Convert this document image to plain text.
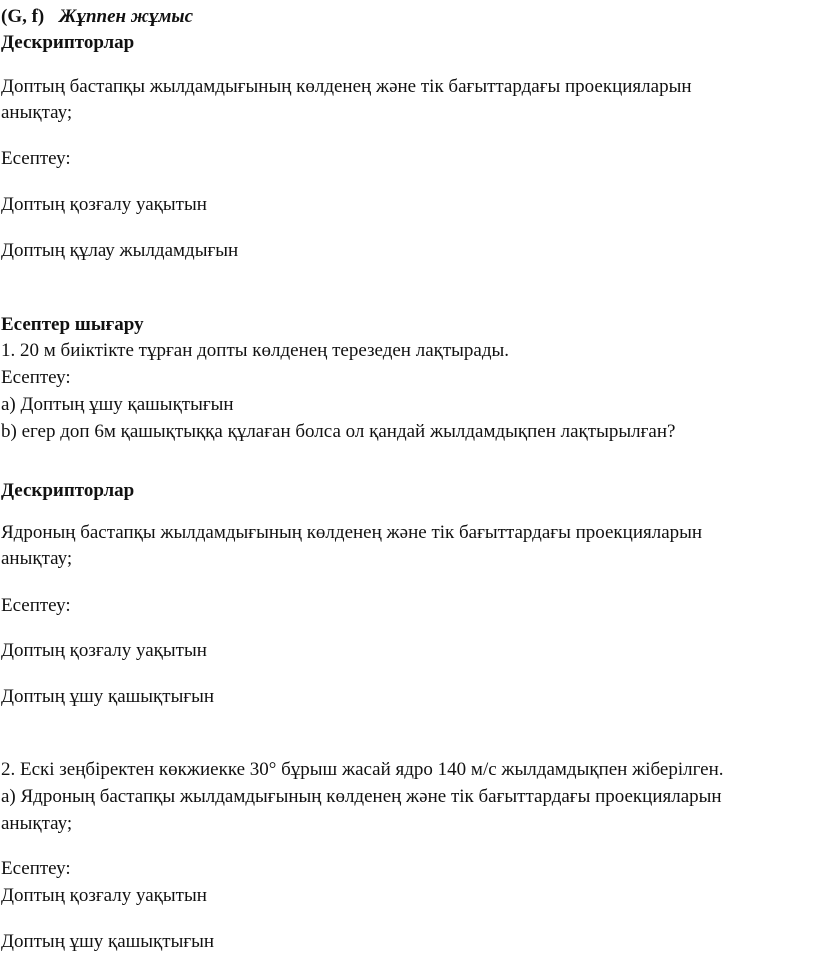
(G, f) Жұппен жұмыс
Дескрипторлар
Доптың бастапқы жылдамдығының көлденең және тік бағыттардағы проекцияларын
анықтау;
Есептеу:
Доптың қозғалу уақытын
Доптың құлау жылдамдығын
Есептер шығару
1. 20 м биіктікте тұрған допты көлденең терезеден лақтырады.
Есептеу:
а) Доптың ұшу қашықтығын
b) егер доп 6м қашықтыққа құлаған болса ол қандай жылдамдықпен лақтырылған?
Дескрипторлар
Ядроның бастапқы жылдамдығының көлденең және тік бағыттардағы проекцияларын
анықтау;
Есептеу:
Доптың қозғалу уақытын
Доптың ұшу қашықтығын
2. Ескі зеңбіректен көкжиекке 30° бұрыш жасай ядро 140 м/с жылдамдықпен жіберілген.
а) Ядроның бастапқы жылдамдығының көлденең және тік бағыттардағы проекцияларын
анықтау;
Есептеу:
Доптың қозғалу уақытын
Доптың ұшу қашықтығын
